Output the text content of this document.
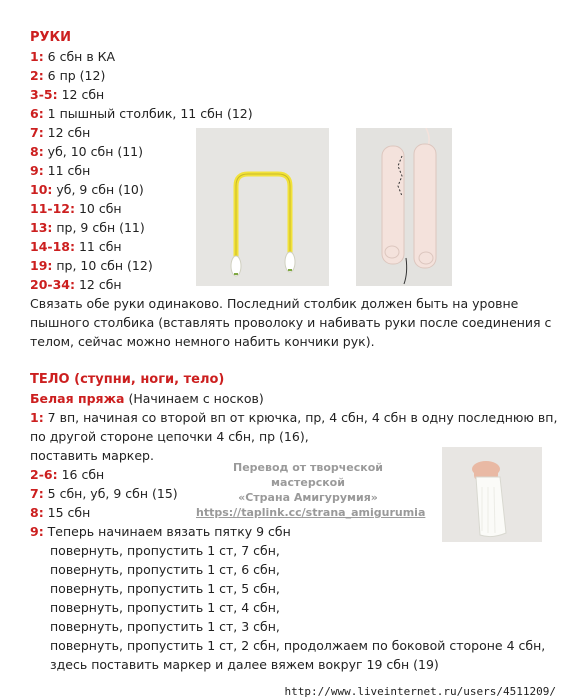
РУКИ
1: 6 сбн в КА
2: 6 пр (12)
3-5: 12 сбн
6: 1 пышный столбик, 11 сбн (12)
7: 12 сбн
8: уб, 10 сбн (11)
9: 11 сбн
10: уб, 9 сбн (10)
11-12: 10 сбн
13: пр, 9 сбн (11)
14-18: 11 сбн
19: пр, 10 сбн (12)
20-34: 12 сбн
Связать обе руки одинаково. Последний столбик должен быть на уровне
пышного столбика (вставлять проволоку и набивать руки после соединения с
телом, сейчас можно немного набить кончики рук).
ТЕЛО (ступни, ноги, тело)
Белая пряжа (Начинаем с носков)
1: 7 вп, начиная со второй вп от крючка, пр, 4 сбн, 4 сбн в одну последнюю вп,
по другой стороне цепочки 4 сбн, пр (16),
поставить маркер.
2-6: 16 сбн
7: 5 сбн, уб, 9 сбн (15)
8: 15 сбн
9: Теперь начинаем вязать пятку 9 сбн
Перевод от творческой мастерской
«Страна Амигурумия»
https://taplink.cc/strana_amigurumia
повернуть, пропустить 1 ст, 7 сбн,
повернуть, пропустить 1 ст, 6 сбн,
повернуть, пропустить 1 ст, 5 сбн,
повернуть, пропустить 1 ст, 4 сбн,
повернуть, пропустить 1 ст, 3 сбн,
повернуть, пропустить 1 ст, 2 сбн, продолжаем по боковой стороне 4 сбн,
здесь поставить маркер и далее вяжем вокруг 19 сбн (19)
http://www.liveinternet.ru/users/4511209/
